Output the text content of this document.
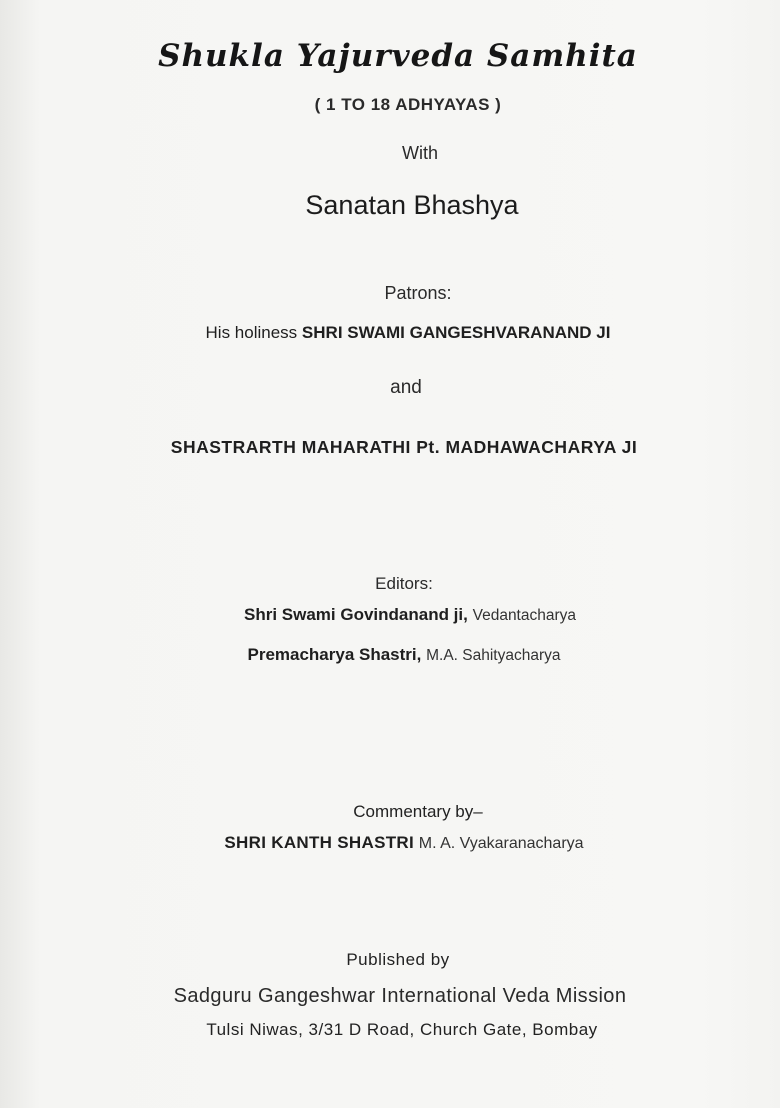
Shukla Yajurveda Samhita
( 1 TO 18 ADHYAYAS )
With
Sanatan Bhashya
Patrons:
His holiness SHRI SWAMI GANGESHVARANAND JI
and
SHASTRARTH MAHARATHI Pt. MADHAWACHARYA JI
Editors:
Shri Swami Govindanand ji, Vedantacharya
Premacharya Shastri, M.A. Sahityacharya
Commentary by–
SHRI KANTH SHASTRI M. A. Vyakaranacharya
Published by
Sadguru Gangeshwar International Veda Mission
Tulsi Niwas, 3/31 D Road, Church Gate, Bombay
